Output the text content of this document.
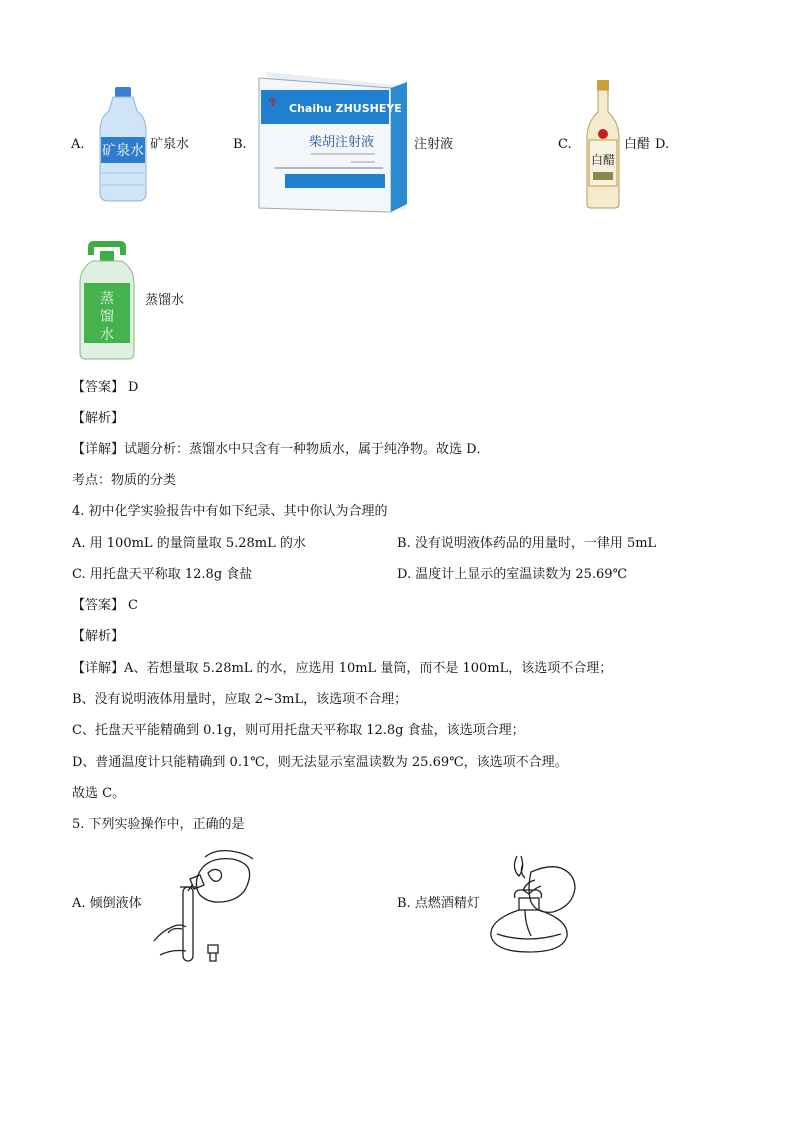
A. 矿泉水 矿泉水	B.
Chaihu ZHUSHEYE
♆
柴胡注射液	注射液	C.
白醋
白醋 D.
蒸
馏
水
蒸馏水
【答案】 D
【解析】
【详解】试题分析：蒸馏水中只含有一种物质水，属于纯净物。故选 D．
考点：物质的分类
4. 初中化学实验报告中有如下纪录、其中你认为合理的
A. 用 100mL 的量筒量取 5.28mL 的水	B. 没有说明液体药品的用量时，一律用 5mL
C. 用托盘天平称取 12.8g 食盐	D. 温度计上显示的室温读数为 25.69℃
【答案】 C
【解析】
【详解】A、若想量取 5.28mL 的水，应选用 10mL 量筒，而不是 100mL，该选项不合理；
B、没有说明液体用量时，应取 2~3mL，该选项不合理；
C、托盘天平能精确到 0.1g，则可用托盘天平称取 12.8g 食盐，该选项合理；
D、普通温度计只能精确到 0.1℃，则无法显示室温读数为 25.69℃，该选项不合理。
故选 C。
5. 下列实验操作中，正确的是
A. 倾倒液体	B. 点燃酒精灯
